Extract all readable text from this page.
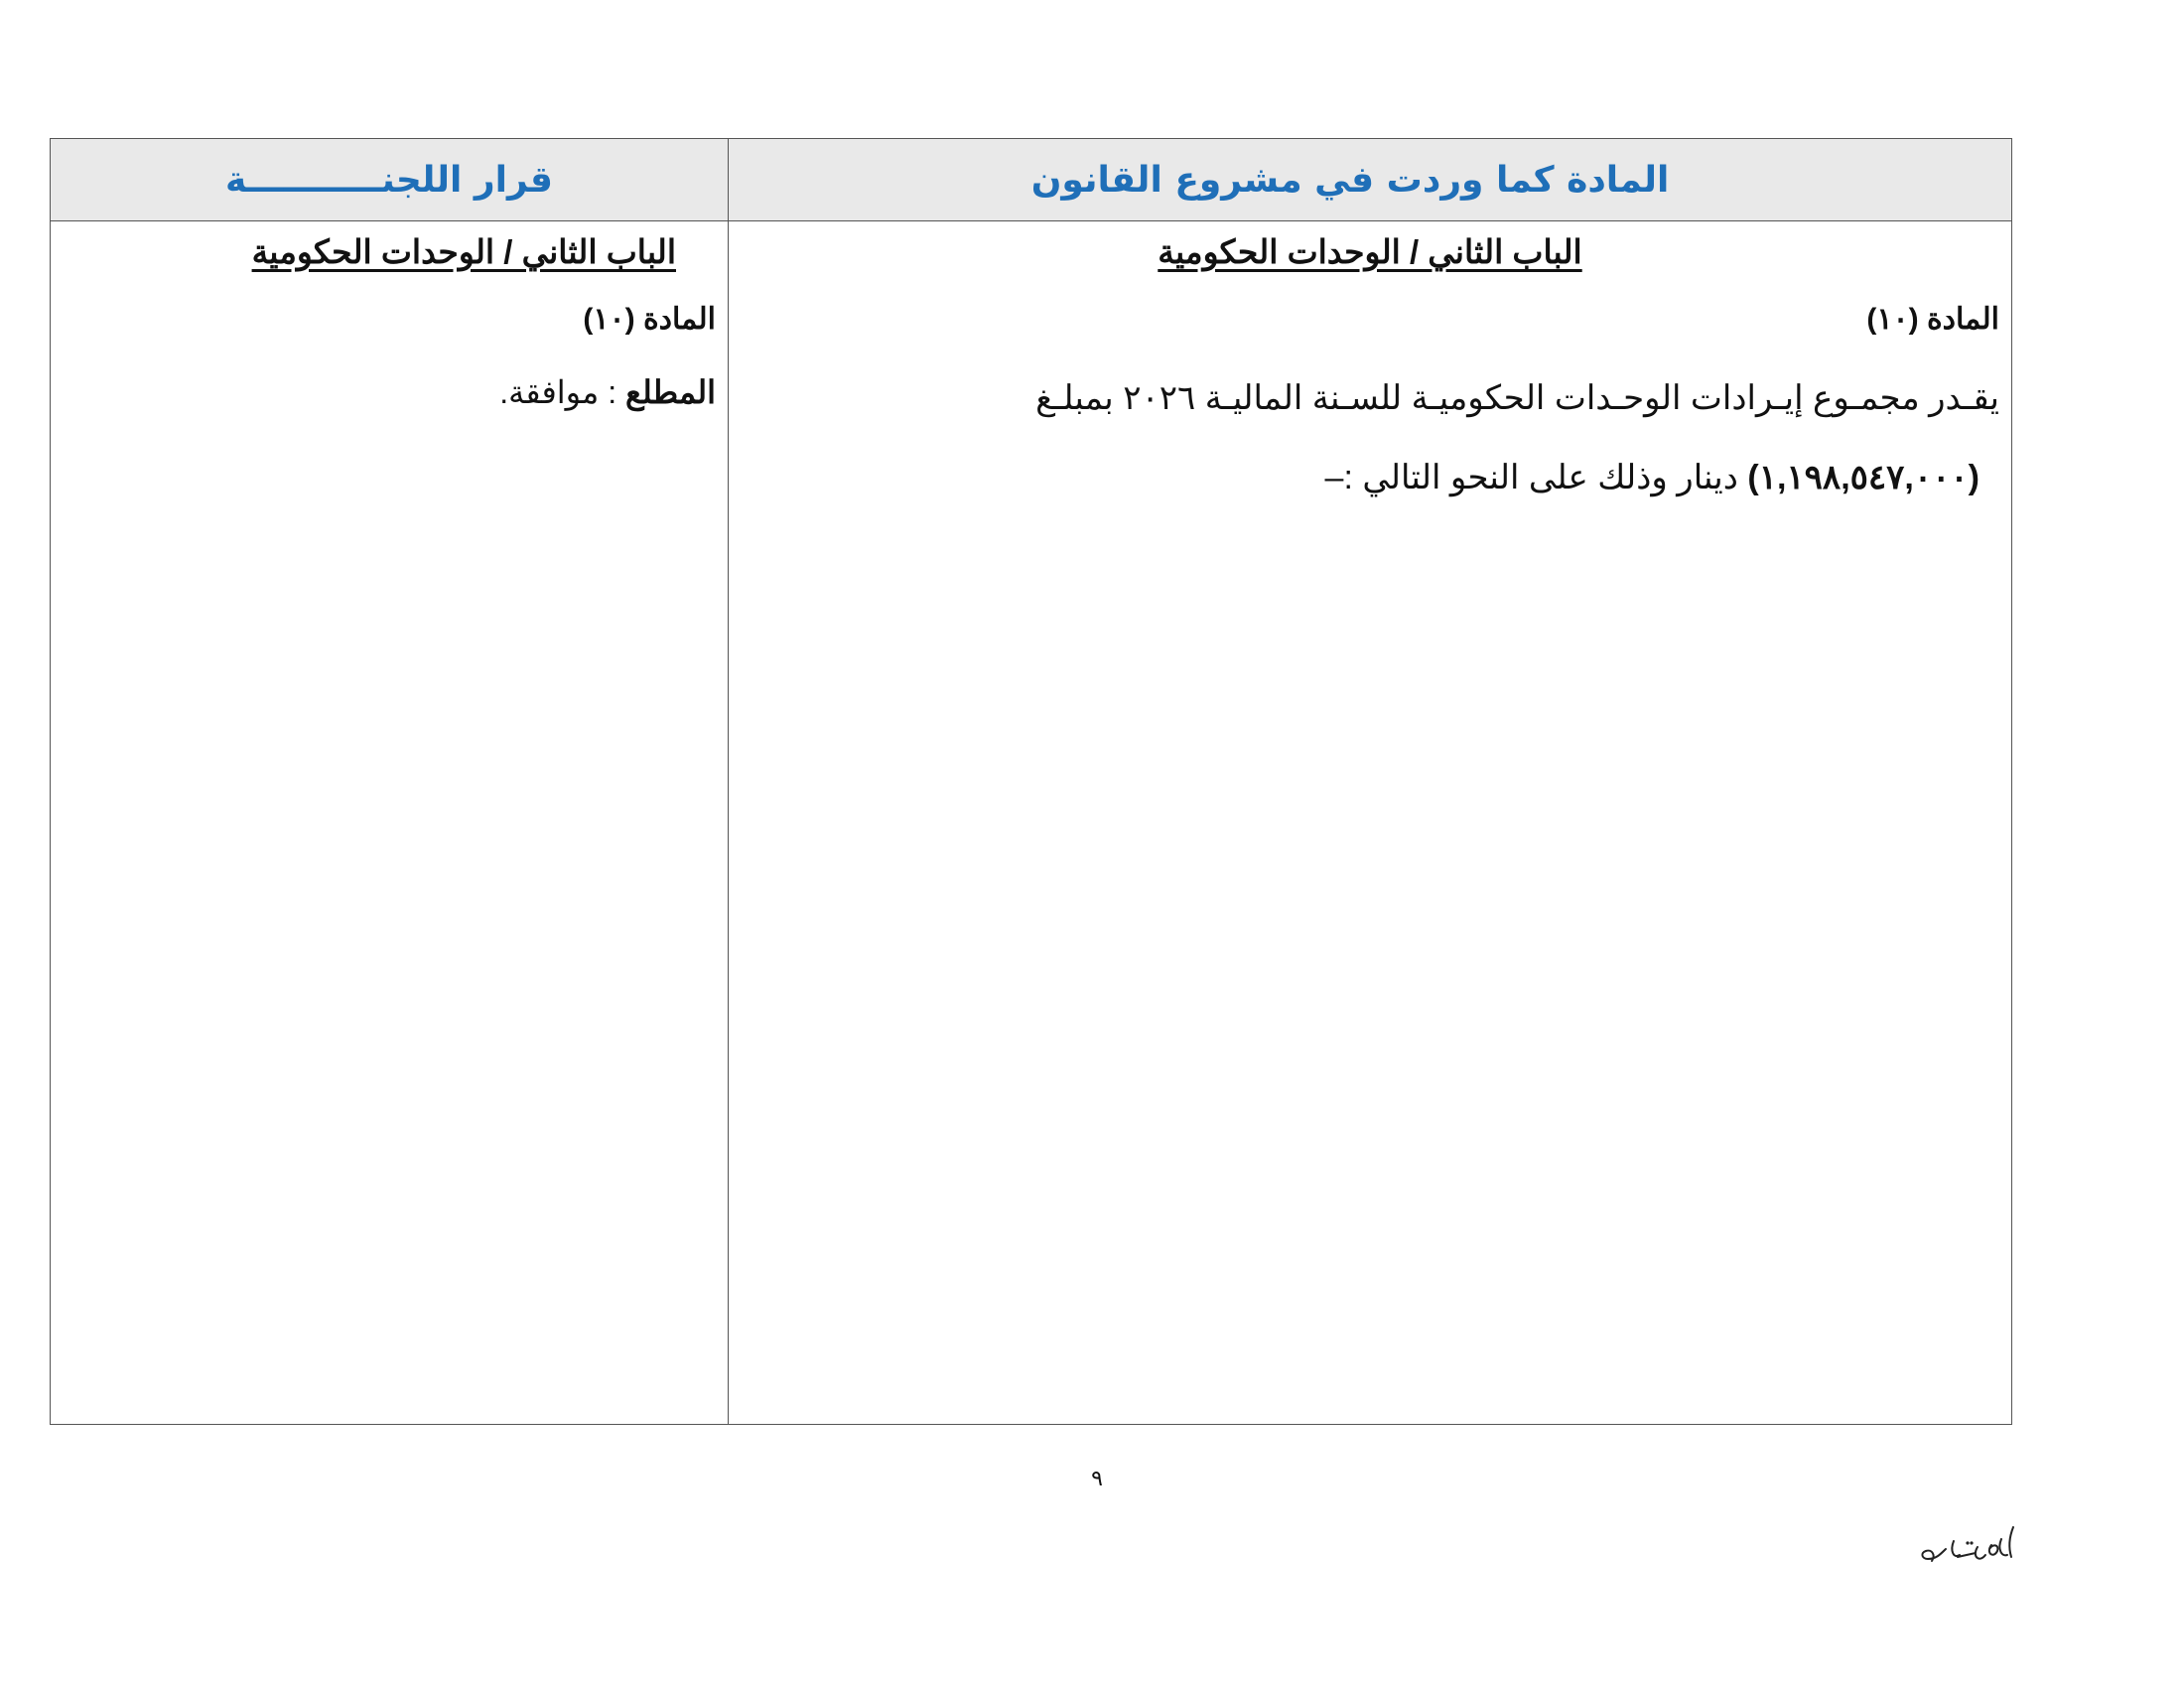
المادة كما وردت في مشروع القانون
قرار اللجنـــــــــــة
الباب الثاني / الوحدات الحكومية
المادة (١٠)
يقـدر مجمـوع إيـرادات الوحـدات الحكوميـة للسـنة الماليـة ٢٠٢٦ بمبلـغ
(١,١٩٨,٥٤٧,٠٠٠) دينار وذلك على النحو التالي :–
الباب الثاني / الوحدات الحكومية
المادة (١٠)
المطلع : موافقة.
٩
